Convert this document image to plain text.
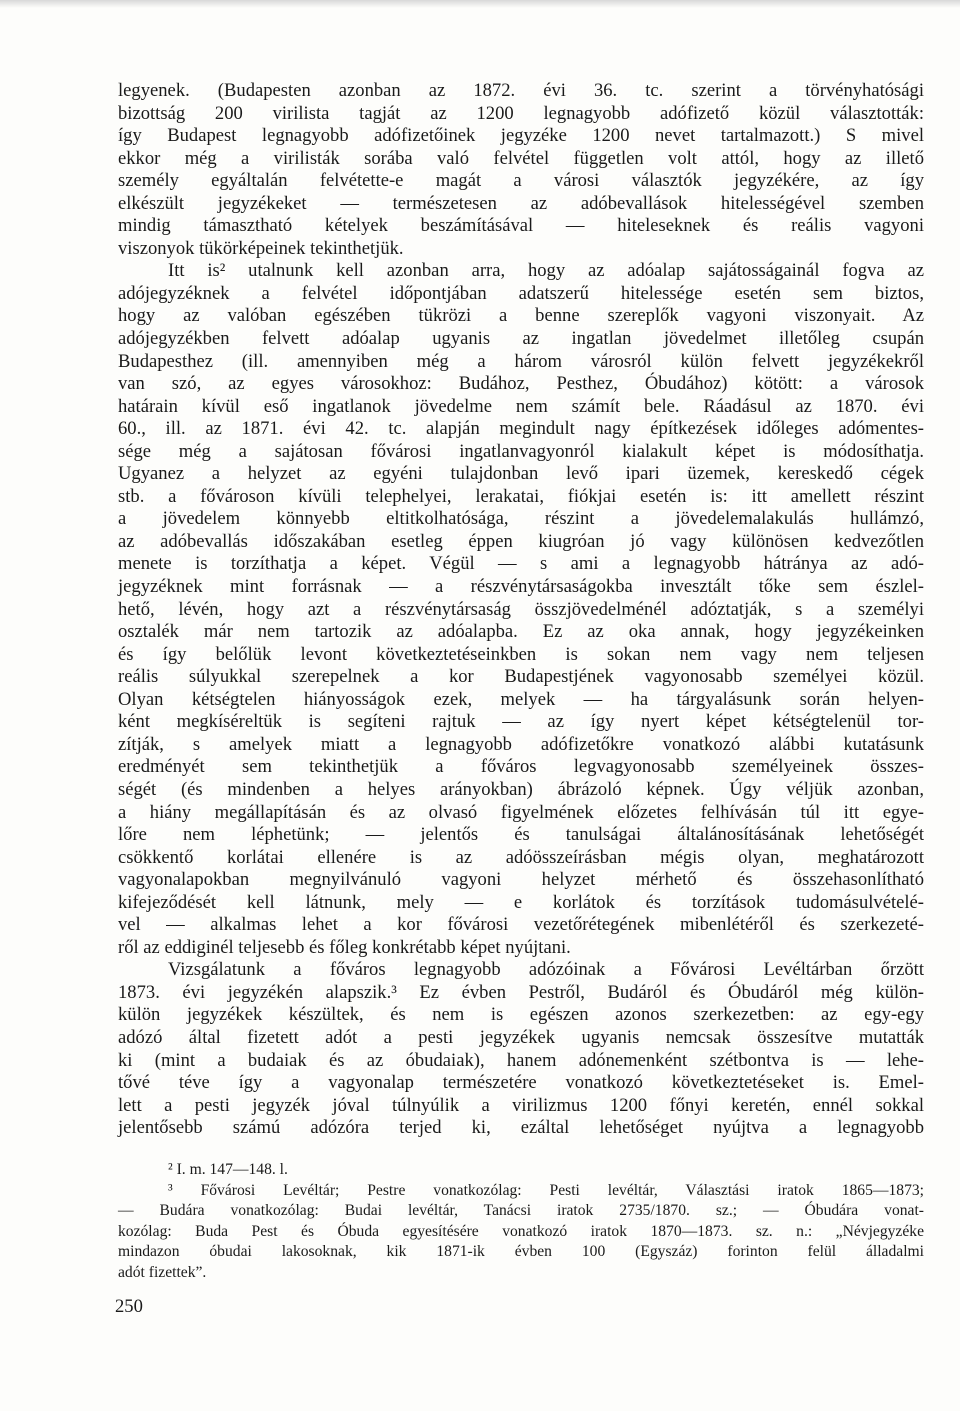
legyenek. (Budapesten azonban az 1872. évi 36. tc. szerint a törvényhatósági
bizottság 200 virilista tagját az 1200 legnagyobb adófizető közül választották:
így Budapest legnagyobb adófizetőinek jegyzéke 1200 nevet tartalmazott.) S mivel
ekkor még a virilisták sorába való felvétel független volt attól, hogy az illető
személy egyáltalán felvétette-e magát a városi választók jegyzékére, az így
elkészült jegyzékeket — természetesen az adóbevallások hitelességével szemben
mindig támasztható kételyek beszámításával — hiteleseknek és reális vagyoni
viszonyok tükörképeinek tekinthetjük.
Itt is² utalnunk kell azonban arra, hogy az adóalap sajátosságainál fogva az
adójegyzéknek a felvétel időpontjában adatszerű hitelessége esetén sem biztos,
hogy az valóban egészében tükrözi a benne szereplők vagyoni viszonyait. Az
adójegyzékben felvett adóalap ugyanis az ingatlan jövedelmet illetőleg csupán
Budapesthez (ill. amennyiben még a három városról külön felvett jegyzékekről
van szó, az egyes városokhoz: Budához, Pesthez, Óbudához) kötött: a városok
határain kívül eső ingatlanok jövedelme nem számít bele. Ráadásul az 1870. évi
60., ill. az 1871. évi 42. tc. alapján megindult nagy építkezések időleges adómentes-
sége még a sajátosan fővárosi ingatlanvagyonról kialakult képet is módosíthatja.
Ugyanez a helyzet az egyéni tulajdonban levő ipari üzemek, kereskedő cégek
stb. a fővároson kívüli telephelyei, lerakatai, fiókjai esetén is: itt amellett részint
a jövedelem könnyebb eltitkolhatósága, részint a jövedelemalakulás hullámzó,
az adóbevallás időszakában esetleg éppen kiugróan jó vagy különösen kedvezőtlen
menete is torzíthatja a képet. Végül — s ami a legnagyobb hátránya az adó-
jegyzéknek mint forrásnak — a részvénytársaságokba invesztált tőke sem észlel-
hető, lévén, hogy azt a részvénytársaság összjövedelménél adóztatják, s a személyi
osztalék már nem tartozik az adóalapba. Ez az oka annak, hogy jegyzékeinken
és így belőlük levont következtetéseinkben is sokan nem vagy nem teljesen
reális súlyukkal szerepelnek a kor Budapestjének vagyonosabb személyei közül.
Olyan kétségtelen hiányosságok ezek, melyek — ha tárgyalásunk során helyen-
ként megkíséreltük is segíteni rajtuk — az így nyert képet kétségtelenül tor-
zítják, s amelyek miatt a legnagyobb adófizetőkre vonatkozó alábbi kutatásunk
eredményét sem tekinthetjük a főváros legvagyonosabb személyeinek összes-
ségét (és mindenben a helyes arányokban) ábrázoló képnek. Úgy véljük azonban,
a hiány megállapításán és az olvasó figyelmének előzetes felhívásán túl itt egye-
lőre nem léphetünk; — jelentős és tanulságai általánosításának lehetőségét
csökkentő korlátai ellenére is az adóösszeírásban mégis olyan, meghatározott
vagyonalapokban megnyilvánuló vagyoni helyzet mérhető és összehasonlítható
kifejeződését kell látnunk, mely — e korlátok és torzítások tudomásulvételé-
vel — alkalmas lehet a kor fővárosi vezetőrétegének mibenlétéről és szerkezeté-
ről az eddiginél teljesebb és főleg konkrétabb képet nyújtani.
Vizsgálatunk a főváros legnagyobb adózóinak a Fővárosi Levéltárban őrzött
1873. évi jegyzékén alapszik.³ Ez évben Pestről, Budáról és Óbudáról még külön-
külön jegyzékek készültek, és nem is egészen azonos szerkezetben: az egy-egy
adózó által fizetett adót a pesti jegyzékek ugyanis nemcsak összesítve mutatták
ki (mint a budaiak és az óbudaiak), hanem adónemenként szétbontva is — lehe-
tővé téve így a vagyonalap természetére vonatkozó következtetéseket is. Emel-
lett a pesti jegyzék jóval túlnyúlik a virilizmus 1200 főnyi keretén, ennél sokkal
jelentősebb számú adózóra terjed ki, ezáltal lehetőséget nyújtva a legnagyobb
² I. m. 147—148. l.
³ Fővárosi Levéltár; Pestre vonatkozólag: Pesti levéltár, Választási iratok 1865—1873;
— Budára vonatkozólag: Budai levéltár, Tanácsi iratok 2735/1870. sz.; — Óbudára vonat-
kozólag: Buda Pest és Óbuda egyesítésére vonatkozó iratok 1870—1873. sz. n.: „Névjegyzéke
mindazon óbudai lakosoknak, kik 1871-ik évben 100 (Egyszáz) forinton felül álladalmi
adót fizettek”.
250
